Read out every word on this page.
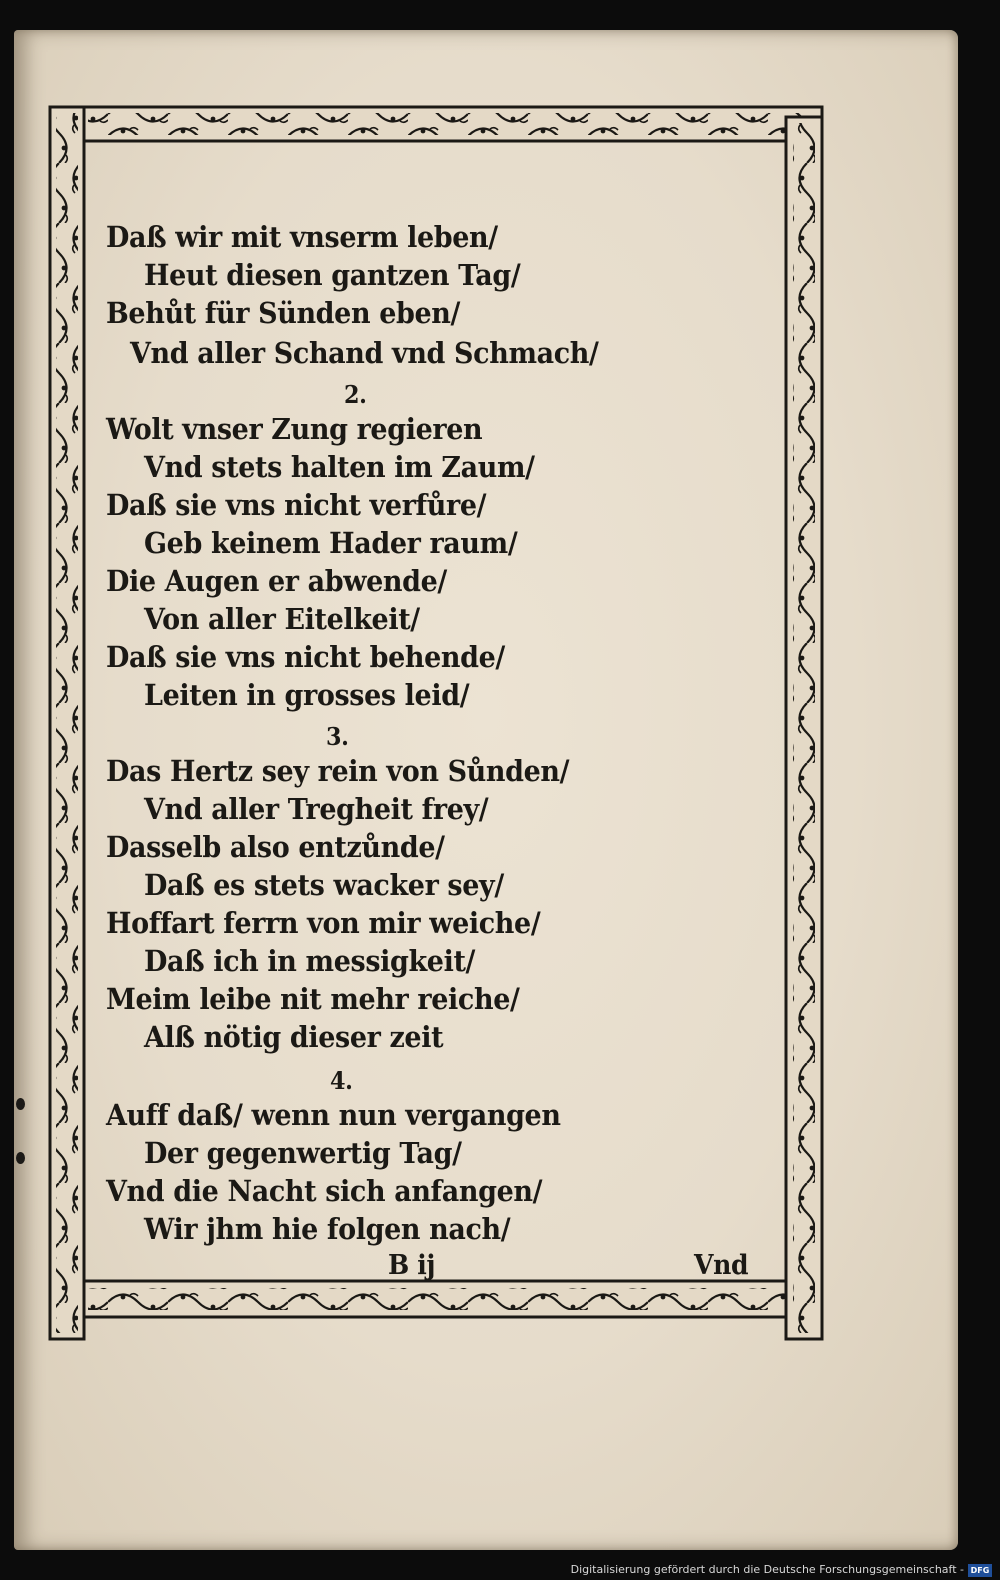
Daß wir mit vnserm leben/
Heut diesen gantzen Tag/
Behůt für Sünden eben/
Vnd aller Schand vnd Schmach/
2.
Wolt vnser Zung regieren
Vnd stets halten im Zaum/
Daß sie vns nicht verfůre/
Geb keinem Hader raum/
Die Augen er abwende/
Von aller Eitelkeit/
Daß sie vns nicht behende/
Leiten in grosses leid/
3.
Das Hertz sey rein von Sůnden/
Vnd aller Tregheit frey/
Dasselb also entzůnde/
Daß es stets wacker sey/
Hoffart ferrn von mir weiche/
Daß ich in messigkeit/
Meim leibe nit mehr reiche/
Alß nötig dieser zeit
4.
Auff daß/ wenn nun vergangen
Der gegenwertig Tag/
Vnd die Nacht sich anfangen/
Wir jhm hie folgen nach/
B ij	Vnd
Digitalisierung gefördert durch die Deutsche Forschungsgemeinschaft - DFG
